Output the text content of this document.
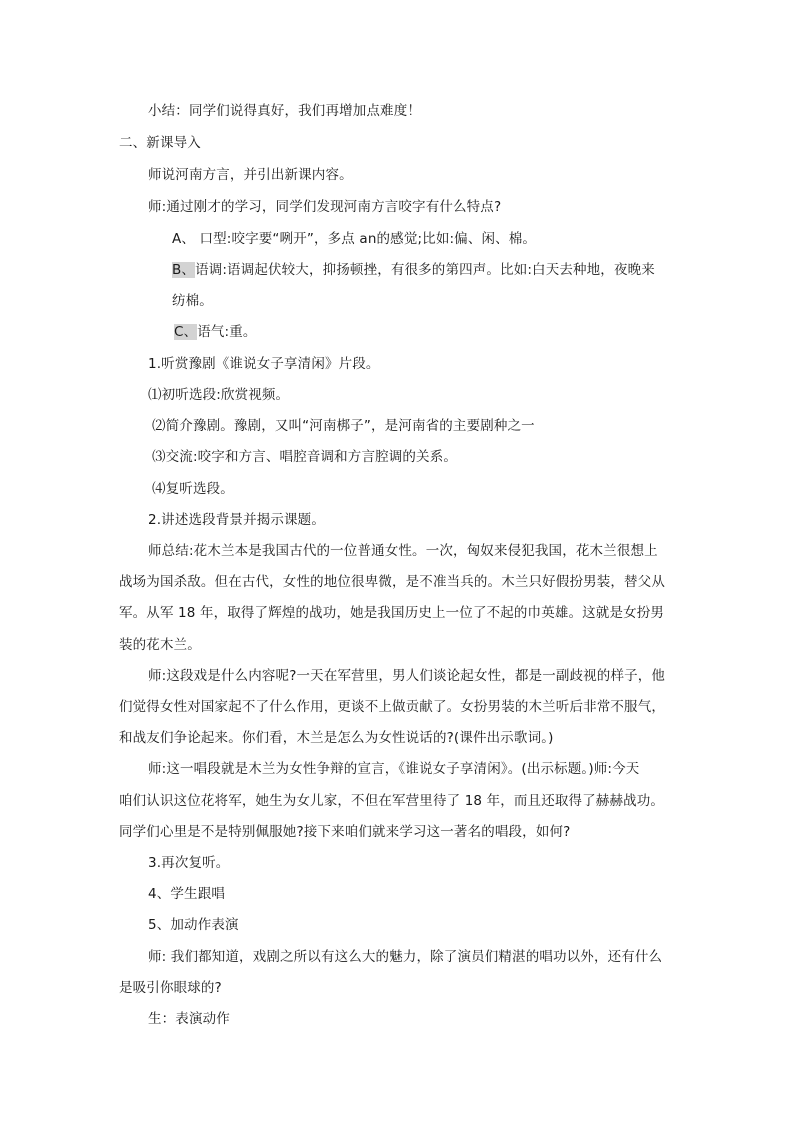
小结：同学们说得真好，我们再增加点难度！
二、新课导入
师说河南方言，并引出新课内容。
师:通过刚才的学习，同学们发现河南方言咬字有什么特点?
A、 口型:咬字要“咧开”，多点 an的感觉;比如:偏、闲、棉。
B、语调:语调起伏较大，抑扬顿挫，有很多的第四声。比如:白天去种地，夜晚来
纺棉。
C、语气:重。
1.听赏豫剧《谁说女子享清闲》片段。
⑴初听选段:欣赏视频。
⑵简介豫剧。豫剧，又叫“河南梆子”，是河南省的主要剧种之一
⑶交流:咬字和方言、唱腔音调和方言腔调的关系。
⑷复听选段。
2.讲述选段背景并揭示课题。
师总结:花木兰本是我国古代的一位普通女性。一次，匈奴来侵犯我国，花木兰很想上
战场为国杀敌。但在古代，女性的地位很卑微，是不准当兵的。木兰只好假扮男装，替父从
军。从军 18 年，取得了辉煌的战功，她是我国历史上一位了不起的巾英雄。这就是女扮男
装的花木兰。
师:这段戏是什么内容呢?一天在军营里，男人们谈论起女性，都是一副歧视的样子，他
们觉得女性对国家起不了什么作用，更谈不上做贡献了。女扮男装的木兰听后非常不服气，
和战友们争论起来。你们看，木兰是怎么为女性说话的?(课件出示歌词。)
师:这一唱段就是木兰为女性争辩的宣言，《谁说女子享清闲》。(出示标题。)师:今天
咱们认识这位花将军，她生为女儿家，不但在军营里待了 18 年，而且还取得了赫赫战功。
同学们心里是不是特别佩服她?接下来咱们就来学习这一著名的唱段，如何?
3.再次复听。
4、学生跟唱
5、加动作表演
师: 我们都知道，戏剧之所以有这么大的魅力，除了演员们精湛的唱功以外，还有什么
是吸引你眼球的?
生：表演动作
